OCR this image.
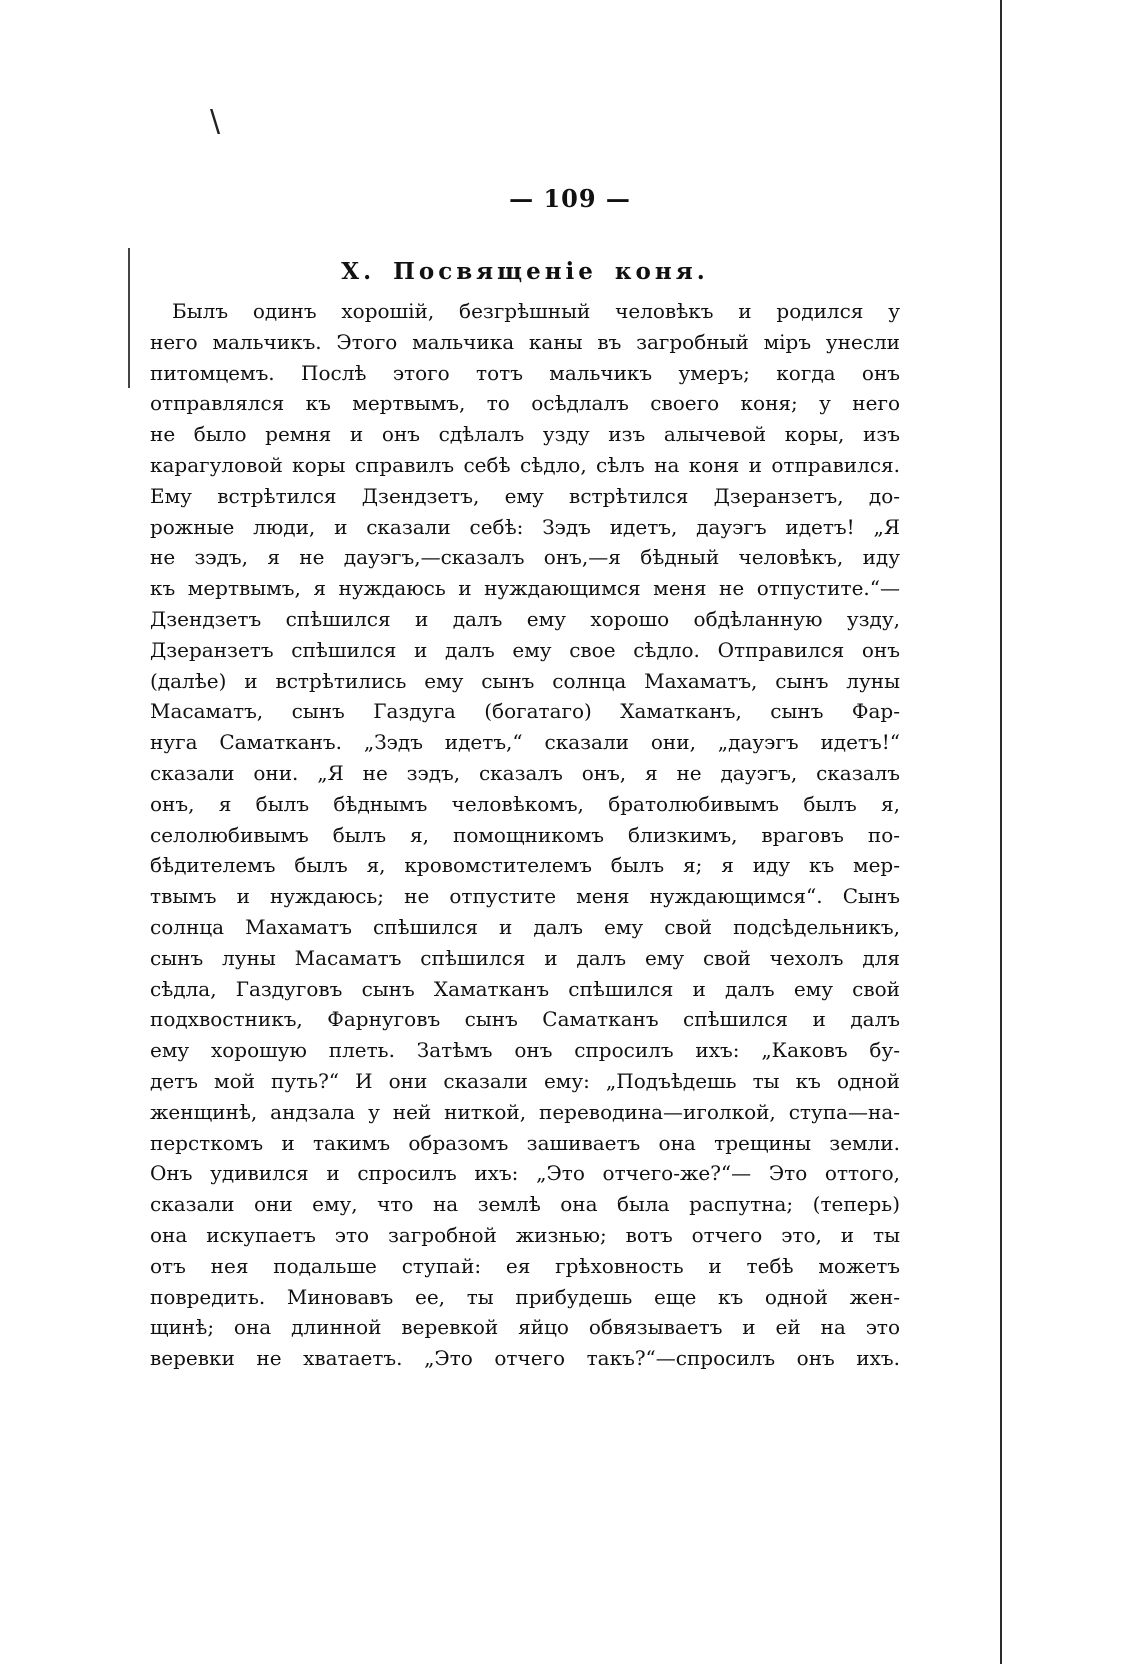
\
— 109 —
X. Посвященіе коня.
Былъ одинъ хорошій, безгрѣшный человѣкъ и родился у
него мальчикъ. Этого мальчика каны въ загробный міръ унесли
питомцемъ. Послѣ этого тотъ мальчикъ умеръ; когда онъ
отправлялся къ мертвымъ, то осѣдлалъ своего коня; у него
не было ремня и онъ сдѣлалъ узду изъ алычевой коры, изъ
карагуловой коры справилъ себѣ сѣдло, сѣлъ на коня и отправился.
Ему встрѣтился Дзендзетъ, ему встрѣтился Дзеранзетъ, до-
рожные люди, и сказали себѣ: Зэдъ идетъ, дауэгъ идетъ! „Я
не зэдъ, я не дауэгъ,—сказалъ онъ,—я бѣдный человѣкъ, иду
къ мертвымъ, я нуждаюсь и нуждающимся меня не отпустите.“—
Дзендзетъ спѣшился и далъ ему хорошо обдѣланную узду,
Дзеранзетъ спѣшился и далъ ему свое сѣдло. Отправился онъ
(далѣе) и встрѣтились ему сынъ солнца Махаматъ, сынъ луны
Масаматъ, сынъ Газдуга (богатаго) Хаматканъ, сынъ Фар-
нуга Саматканъ. „Зэдъ идетъ,“ сказали они, „дауэгъ идетъ!“
сказали они. „Я не зэдъ, сказалъ онъ, я не дауэгъ, сказалъ
онъ, я былъ бѣднымъ человѣкомъ, братолюбивымъ былъ я,
селолюбивымъ былъ я, помощникомъ близкимъ, враговъ по-
бѣдителемъ былъ я, кровомстителемъ былъ я; я иду къ мер-
твымъ и нуждаюсь; не отпустите меня нуждающимся“. Сынъ
солнца Махаматъ спѣшился и далъ ему свой подсѣдельникъ,
сынъ луны Масаматъ спѣшился и далъ ему свой чехолъ для
сѣдла, Газдуговъ сынъ Хаматканъ спѣшился и далъ ему свой
подхвостникъ, Фарнуговъ сынъ Саматканъ спѣшился и далъ
ему хорошую плеть. Затѣмъ онъ спросилъ ихъ: „Каковъ бу-
детъ мой путь?“ И они сказали ему: „Подъѣдешь ты къ одной
женщинѣ, андзала у ней ниткой, переводина—иголкой, ступа—на-
персткомъ и такимъ образомъ зашиваетъ она трещины земли.
Онъ удивился и спросилъ ихъ: „Это отчего-же?“— Это оттого,
сказали они ему, что на землѣ она была распутна; (теперь)
она искупаетъ это загробной жизнью; вотъ отчего это, и ты
отъ нея подальше ступай: ея грѣховность и тебѣ можетъ
повредить. Миновавъ ее, ты прибудешь еще къ одной жен-
щинѣ; она длинной веревкой яйцо обвязываетъ и ей на это
веревки не хватаетъ. „Это отчего такъ?“—спросилъ онъ ихъ.
